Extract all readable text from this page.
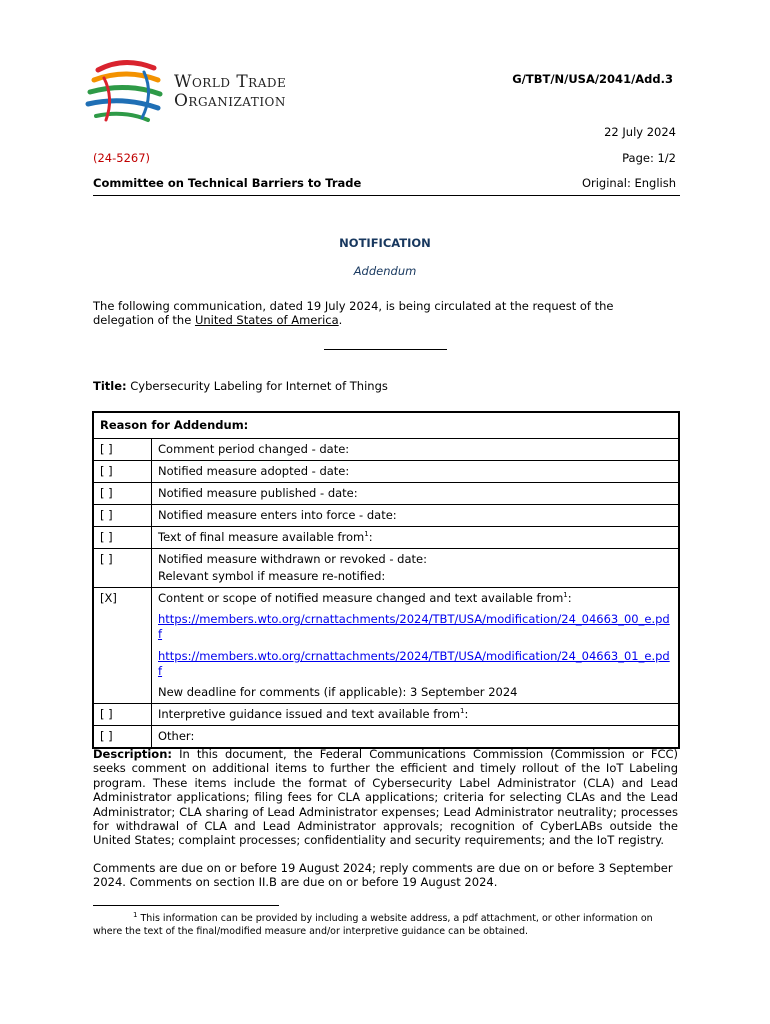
World Trade
Organization
G/TBT/N/USA/2041/Add.3
22 July 2024
(24-5267)	Page: 1/2
Committee on Technical Barriers to Trade	Original: English
NOTIFICATION
Addendum
The following communication, dated 19 July 2024, is being circulated at the request of the delegation of the United States of America.
Title: Cybersecurity Labeling for Internet of Things
Reason for Addendum:	
[ ]	Comment period changed - date:
[ ]	Notified measure adopted - date:
[ ]	Notified measure published - date:
[ ]	Notified measure enters into force - date:
[ ]	Text of final measure available from$^1$:
[ ]	Notified measure withdrawn or revoked - date:
Relevant symbol if measure re-notified:

[X]	Content or scope of notified measure changed and text available from$^1$:
https://members.wto.org/crnattachments/2024/TBT/USA/modification/24_04663_00_e.pdf
https://members.wto.org/crnattachments/2024/TBT/USA/modification/24_04663_01_e.pdf
New deadline for comments (if applicable): 3 September 2024

[ ]	Interpretive guidance issued and text available from$^1$:
[ ]	Other:
Description: In this document, the Federal Communications Commission (Commission or FCC) seeks comment on additional items to further the efficient and timely rollout of the IoT Labeling program. These items include the format of Cybersecurity Label Administrator (CLA) and Lead Administrator applications; filing fees for CLA applications; criteria for selecting CLAs and the Lead Administrator; CLA sharing of Lead Administrator expenses; Lead Administrator neutrality; processes for withdrawal of CLA and Lead Administrator approvals; recognition of CyberLABs outside the United States; complaint processes; confidentiality and security requirements; and the IoT registry.
Comments are due on or before 19 August 2024; reply comments are due on or before 3 September 2024. Comments on section II.B are due on or before 19 August 2024.
$^1$ This information can be provided by including a website address, a pdf attachment, or other information on where the text of the final/modified measure and/or interpretive guidance can be obtained.
